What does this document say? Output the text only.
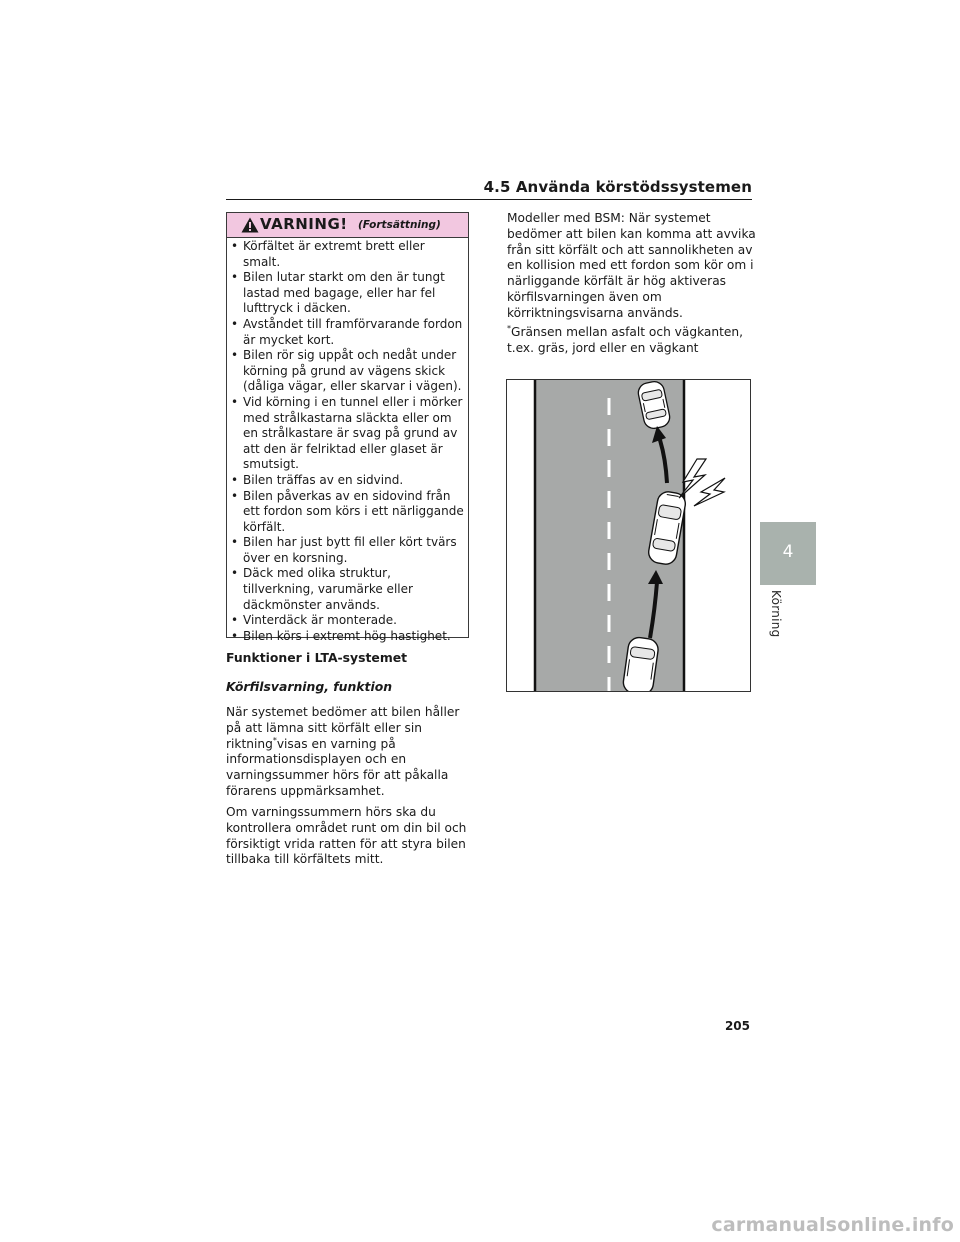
4.5 Använda körstödssystemen
VARNING! (Fortsättning)
• Körfältet är extremt brett eller smalt.
• Bilen lutar starkt om den är tungt lastad med bagage, eller har fel lufttryck i däcken.
• Avståndet till framförvarande fordon är mycket kort.
• Bilen rör sig uppåt och nedåt under körning på grund av vägens skick (dåliga vägar, eller skarvar i vägen).
• Vid körning i en tunnel eller i mörker med strålkastarna släckta eller om en strålkastare är svag på grund av att den är felriktad eller glaset är smutsigt.
• Bilen träffas av en sidvind.
• Bilen påverkas av en sidovind från ett fordon som körs i ett närliggande körfält.
• Bilen har just bytt fil eller kört tvärs över en korsning.
• Däck med olika struktur, tillverkning, varumärke eller däckmönster används.
• Vinterdäck är monterade.
• Bilen körs i extremt hög hastighet.
Funktioner i LTA-systemet
Körfilsvarning, funktion
När systemet bedömer att bilen håller på att lämna sitt körfält eller sin riktning*visas en varning på informationsdisplayen och en varningssummer hörs för att påkalla förarens uppmärksamhet.
Om varningssummern hörs ska du kontrollera området runt om din bil och försiktigt vrida ratten för att styra bilen tillbaka till körfältets mitt.
Modeller med BSM: När systemet bedömer att bilen kan komma att avvika från sitt körfält och att sannolikheten av en kollision med ett fordon som kör om i närliggande körfält är hög aktiveras körfilsvarningen även om körriktningsvisarna används.
*Gränsen mellan asfalt och vägkanten, t.ex. gräs, jord eller en vägkant
4
Körning
205
carmanualsonline.info
